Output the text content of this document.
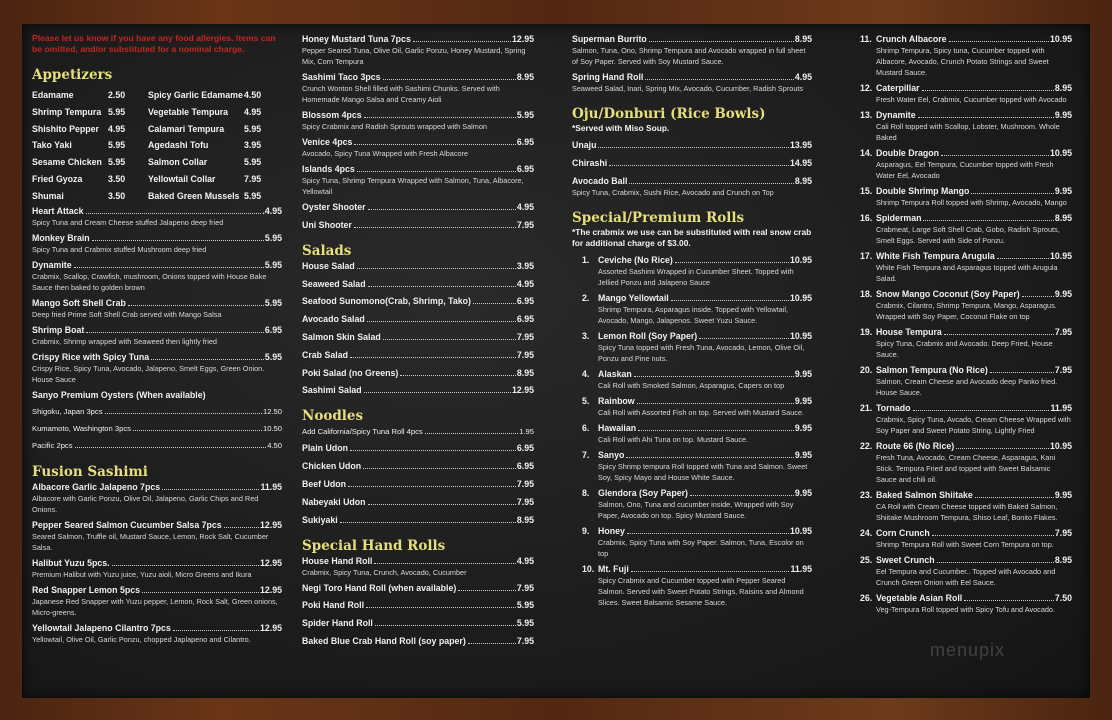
Please let us know if you have any food allergies. Items can be omitted, and/or substituted for a nominal charge.
Appetizers
Edamame	2.50	Spicy Garlic Edamame 4.50
Shrimp Tempura 5.95	Vegetable Tempura	4.95
Shishito Pepper	4.95	Calamari Tempura	5.95
Tako Yaki	5.95	Agedashi Tofu	3.95
Sesame Chicken 5.95	Salmon Collar	5.95
Fried Gyoza	3.50	Yellowtail Collar	7.95
Shumai	3.50	Baked Green Mussels 5.95
Heart Attack	.4.95
Spicy Tuna and Cream Cheese stuffed Jalapeno deep fried
Monkey Brain	5.95
Spicy Tuna and Crabmix stuffed Mushroom deep fried
Dynamite	5.95
Crabmix, Scallop, Crawfish, mushroom, Onions topped with House Bake Sauce then baked to golden brown
Mango Soft Shell Crab	5.95
Deep fried Prime Soft Shell Crab served with Mango Salsa
Shrimp Boat	6.95
Crabmix, Shrimp wrapped with Seaweed then lightly fried
Crispy Rice with Spicy Tuna	5.95
Crispy Rice, Spicy Tuna, Avocado, Jalapeno, Smelt Eggs, Green Onion. House Sauce
Sanyo Premium Oysters (When available)
Shigoku, Japan 3pcs	12.50
Kumamoto, Washington 3pcs	10.50
Pacific 2pcs	4.50
Fusion Sashimi
Albacore Garlic Jalapeno 7pcs	11.95
Albacore with Garlic Ponzu, Olive Oil, Jalapeno, Garlic Chips and Red Onions.
Pepper Seared Salmon Cucumber Salsa 7pcs	12.95
Seared Salmon, Truffle oil, Mustard Sauce, Lemon, Rock Salt, Cucumber Salsa.
Halibut Yuzu 5pcs.	12.95
Premium Halibut with Yuzu juice, Yuzu aioli, Micro Greens and Ikura
Red Snapper Lemon 5pcs	12.95
Japanese Red Snapper with Yuzu pepper, Lemon, Rock Salt, Green onions, Micro-greens.
Yellowtail Jalapeno Cilantro 7pcs	12.95
Yellowtail, Olive Oil, Garlic Ponzu, chopped Japlapeno and Cilantro.
Honey Mustard Tuna 7pcs	12.95
Pepper Seared Tuna, Olive Oil, Garlic Ponzu, Honey Mustard, Spring Mix, Corn Tempura
Sashimi Taco 3pcs	8.95
Crunch Wonton Shell filled with Sashimi Chunks. Served with Homemade Mango Salsa and Creamy Aioli
Blossom 4pcs	5.95
Spicy Crabmix and Radish Sprouts wrapped with Salmon
Venice 4pcs	6.95
Avocado, Spicy Tuna Wrapped with Fresh Albacore
Islands 4pcs	6.95
Spicy Tuna, Shrimp Tempura Wrapped with Salmon, Tuna, Albacore, Yellowtail
Oyster Shooter	4.95
Uni Shooter	7.95
Salads
House Salad	3.95
Seaweed Salad	4.95
Seafood Sunomono(Crab, Shrimp, Tako)	6.95
Avocado Salad	6.95
Salmon Skin Salad	7.95
Crab Salad	7.95
Poki Salad (no Greens)	8.95
Sashimi Salad	12.95
Noodles
Add California/Spicy Tuna Roll 4pcs	1.95
Plain Udon	6.95
Chicken Udon	6.95
Beef Udon	7.95
Nabeyaki Udon	7.95
Sukiyaki	8.95
Special Hand Rolls
House Hand Roll	4.95
Crabmix, Spicy Tuna, Crunch, Avocado, Cucumber
Negi Toro Hand Roll (when available)	7.95
Poki Hand Roll	5.95
Spider Hand Roll	5.95
Baked Blue Crab Hand Roll (soy paper)	7.95
Superman Burrito	8.95
Salmon, Tuna, Ono, Shrimp Tempura and Avocado wrapped in full sheet of Soy Paper. Served with Soy Mustard Sauce.
Spring Hand Roll	4.95
Seaweed Salad, Inari, Spring Mix, Avocado, Cucumber, Radish Sprouts
Oju/Donburi (Rice Bowls)
*Served with Miso Soup.
Unaju	13.95
Chirashi	14.95
Avocado Ball	8.95
Spicy Tuna, Crabmix, Sushi Rice, Avocado and Crunch on Top
Special/Premium Rolls
*The crabmix we use can be substituted with real snow crab for additional charge of $3.00.
1. Ceviche (No Rice)	10.95
Assorted Sashimi Wrapped in Cucumber Sheet. Topped with Jellied Ponzu and Jalapeno Sauce
2. Mango Yellowtail	10.95
Shrimp Tempura, Asparagus inside. Topped with Yellowtail, Avocado, Mango, Jalapenos. Sweet Yuzu Sauce.
3. Lemon Roll (Soy Paper)	10.95
Spicy Tuna topped with Fresh Tuna, Avocado, Lemon, Olive Oil, Ponzu and Pine nuts.
4. Alaskan	9.95
Cali Roll with Smoked Salmon, Asparagus, Capers on top
5. Rainbow	9.95
Cali Roll with Assorted Fish on top. Served with Mustard Sauce.
6. Hawaiian	9.95
Cali Roll with Ahi Tuna on top. Mustard Sauce.
7. Sanyo	9.95
Spicy Shrimp tempura Roll topped with Tuna and Salmon. Sweet Soy, Spicy Mayo and House White Sauce.
8. Glendora (Soy Paper)	9.95
Salmon, Ono, Tuna and cucumber inside, Wrapped with Soy Paper, Avocado on top. Spicy Mustard Sauce.
9. Honey	10.95
Crabmix, Spicy Tuna with Soy Paper. Salmon, Tuna, Escolor on top
10. Mt. Fuji	11.95
Spicy Crabmix and Cucumber topped with Pepper Seared Salmon. Served with Sweet Potato Strings, Raisins and Almond Slices. Sweet Balsamic Sesame Sauce.
11. Crunch Albacore	10.95
Shrimp Tempura, Spicy tuna, Cucumber topped with Albacore, Avocado, Crunch Potato Strings and Sweet Mustard Sauce.
12. Caterpillar	8.95
Fresh Water Eel, Crabmix, Cucumber topped with Avocado
13. Dynamite	9.95
Cali Roll topped with Scallop, Lobster, Mushroom. Whole Baked
14. Double Dragon	10.95
Asparagus, Eel Tempura, Cucumber topped with Fresh Water Eel, Avocado
15. Double Shrimp Mango	9.95
Shrimp Tempura Roll topped with Shrimp, Avocado, Mango
16. Spiderman	8.95
Crabmeat, Large Soft Shell Crab, Gobo, Radish Sprouts, Smelt Eggs. Served with Side of Ponzu.
17. White Fish Tempura Arugula	10.95
White Fish Tempura and Asparagus topped with Arugula Salad.
18. Snow Mango Coconut (Soy Paper)	9.95
Crabmix, Cilantro, Shrimp Tempura, Mango, Asparagus. Wrapped with Soy Paper, Coconut Flake on top
19. House Tempura	7.95
Spicy Tuna, Crabmix and Avocado. Deep Fried, House Sauce.
20. Salmon Tempura (No Rice)	7.95
Salmon, Cream Cheese and Avocado deep Panko fried. House Sauce.
21. Tornado	11.95
Crabmix, Spicy Tuna, Avcado, Cream Cheese Wrapped with Soy Paper and Sweet Potato String, Lightly Fried
22. Route 66 (No Rice)	10.95
Fresh Tuna, Avocado, Cream Cheese, Asparagus, Kani Stick. Tempura Fried and topped with Sweet Balsamic Sauce and chili oil.
23. Baked Salmon Shiitake	9.95
CA Roll with Cream Cheese topped with Baked Salmon, Shiitake Mushroom Tempura, Shiso Leaf, Bonito Flakes.
24. Corn Crunch	7.95
Shrimp Tempura Roll with Sweet Corn Tempura on top.
25. Sweet Crunch	8.95
Eel Tempura and Cucumber.. Topped with Avocado and Crunch Green Onion with Eel Sauce.
26. Vegetable Asian Roll	7.50
Veg-Tempura Roll topped with Spicy Tofu and Avocado.
menupix
